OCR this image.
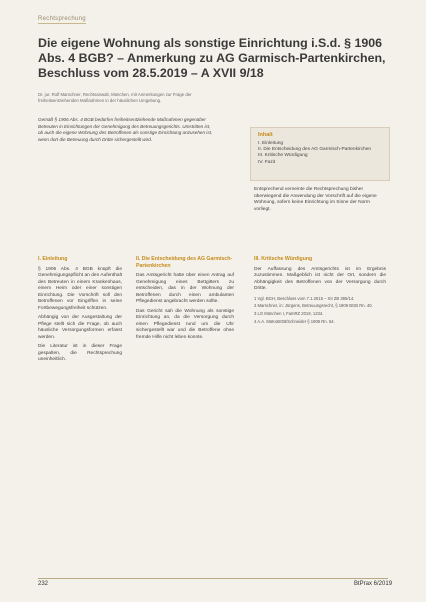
Rechtsprechung
Die eigene Wohnung als sonstige Einrichtung i.S.d. § 1906 Abs. 4 BGB? – Anmerkung zu AG Garmisch-Partenkirchen, Beschluss vom 28.5.2019 – A XVII 9/18
Dr. jur. Rolf Marschner, Rechtsanwalt, München, mit Anmerkungen zur Frage der freiheitsentziehenden Maßnahmen in der häuslichen Umgebung.
Gemäß § 1906 Abs. 4 BGB bedürfen freiheitsentziehende Maßnahmen gegenüber Betreuten in Einrichtungen der Genehmigung des Betreuungsgerichts. Umstritten ist, ob auch die eigene Wohnung des Betroffenen als sonstige Einrichtung anzusehen ist, wenn dort die Betreuung durch Dritte sichergestellt wird.
Inhalt
I. Einleitung
II. Die Entscheidung des AG Garmisch-Partenkirchen
III. Kritische Würdigung
IV. Fazit
Entsprechend verneinte die Rechtsprechung bisher überwiegend die Anwendung der Vorschrift auf die eigene Wohnung, sofern keine Einrichtung im Sinne der Norm vorliegt.
I. Einleitung

§ 1906 Abs. 4 BGB knüpft die Genehmigungspflicht an den Aufenthalt des Betreuten in einem Krankenhaus, einem Heim oder einer sonstigen Einrichtung. Die Vorschrift soll den Betroffenen vor Eingriffen in seine Fortbewegungsfreiheit schützen.

Abhängig von der Ausgestaltung der Pflege stellt sich die Frage, ob auch häusliche Versorgungsformen erfasst werden.

Die Literatur ist in dieser Frage gespalten, die Rechtsprechung uneinheitlich.

II. Die Entscheidung des AG Garmisch-Partenkirchen

Das Amtsgericht hatte über einen Antrag auf Genehmigung eines Bettgitters zu entscheiden, das in der Wohnung der Betroffenen durch einen ambulanten Pflegedienst angebracht werden sollte.

Das Gericht sah die Wohnung als sonstige Einrichtung an, da die Versorgung durch einen Pflegedienst rund um die Uhr sichergestellt war und die Betroffene ohne fremde Hilfe nicht leben konnte.

III. Kritische Würdigung

Der Auffassung des Amtsgerichts ist im Ergebnis zuzustimmen. Maßgeblich ist nicht der Ort, sondern die Abhängigkeit des Betroffenen von der Versorgung durch Dritte.

1 Vgl. BGH, Beschluss vom 7.1.2015 – XII ZB 395/14.
2 Marschner, in: Jürgens, Betreuungsrecht, § 1906 BGB Rn. 40.
3 LG München I, FamRZ 2019, 1234.
4 A.A. MüKoBGB/Schneider § 1906 Rn. 54.
232	BtPrax 6/2019
